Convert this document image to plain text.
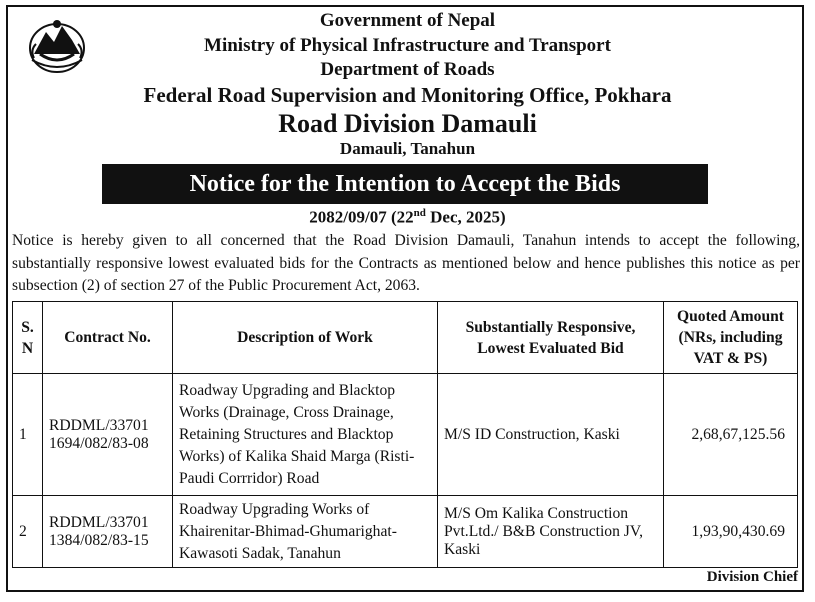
Government of Nepal
Ministry of Physical Infrastructure and Transport
Department of Roads
Federal Road Supervision and Monitoring Office, Pokhara
Road Division Damauli
Damauli, Tanahun
Notice for the Intention to Accept the Bids
2082/09/07 (22nd Dec, 2025)

Notice is hereby given to all concerned that the Road Division Damauli, Tanahun intends to accept the following, substantially responsive lowest evaluated bids for the Contracts as mentioned below and hence publishes this notice as per subsection (2) of section 27 of the Public Procurement Act, 2063.

S. N	Contract No.	Description of Work	Substantially Responsive, Lowest Evaluated Bid	Quoted Amount (NRs, including VAT & PS)
1	RDDML/33701 1694/082/83-08	Roadway Upgrading and Blacktop Works (Drainage, Cross Drainage, Retaining Structures and Blacktop Works) of Kalika Shaid Marga (Risti-Paudi Corrridor) Road	M/S ID Construction, Kaski	2,68,67,125.56
2	RDDML/33701 1384/082/83-15	Roadway Upgrading Works of Khairenitar-Bhimad-Ghumarighat-Kawasoti Sadak, Tanahun	M/S Om Kalika Construction Pvt.Ltd./ B&B Construction JV, Kaski	1,93,90,430.69
Division Chief
